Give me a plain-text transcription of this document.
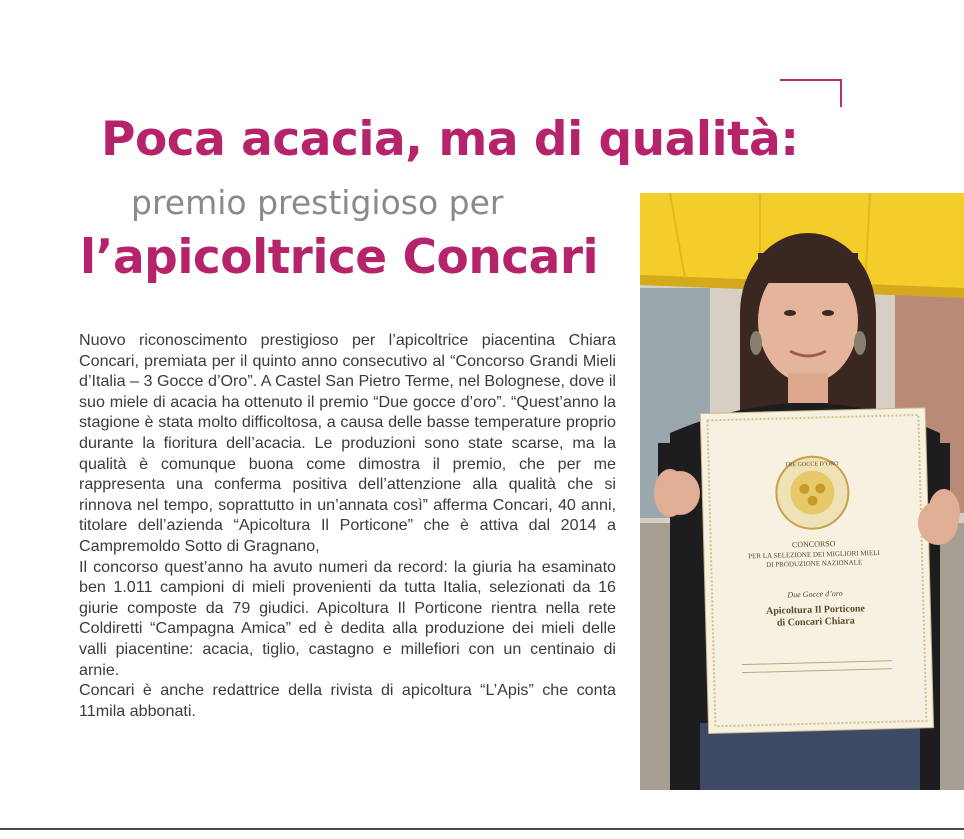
Poca acacia, ma di qualità:
premio prestigioso per
l’apicoltrice Concari

Nuovo riconoscimento prestigioso per l’apicoltrice piacentina Chiara Concari, premiata per il quinto anno consecutivo al “Concorso Grandi Mieli d’Italia – 3 Gocce d’Oro”. A Castel San Pietro Terme, nel Bolognese, dove il suo miele di acacia ha ottenuto il premio “Due gocce d’oro”. “Quest’anno la stagione è stata molto difficoltosa, a causa delle basse temperature proprio durante la fioritura dell’acacia. Le produzioni sono state scarse, ma la qualità è comunque buona come dimostra il premio, che per me rappresenta una conferma positiva dell’attenzione alla qualità che si rinnova nel tempo, soprattutto in un’annata così” afferma Concari, 40 anni, titolare dell’azienda “Apicoltura Il Porticone” che è attiva dal 2014 a Campremoldo Sotto di Gragnano,

Il concorso quest’anno ha avuto numeri da record: la giuria ha esaminato ben 1.011 campioni di mieli provenienti da tutta Italia, selezionati da 16 giurie composte da 79 giudici. Apicoltura Il Porticone rientra nella rete Coldiretti “Campagna Amica” ed è dedita alla produzione dei mieli delle valli piacentine: acacia, tiglio, castagno e millefiori con un centinaio di arnie.

Concari è anche redattrice della rivista di apicoltura “L’Apis” che conta 11mila abbonati.

TRE GOCCE D’ORO
CONCORSO
PER LA SELEZIONE DEI MIGLIORI MIELI
DI PRODUZIONE NAZIONALE
Due Gocce d’oro
Apicoltura Il Porticone
di Concari Chiara
